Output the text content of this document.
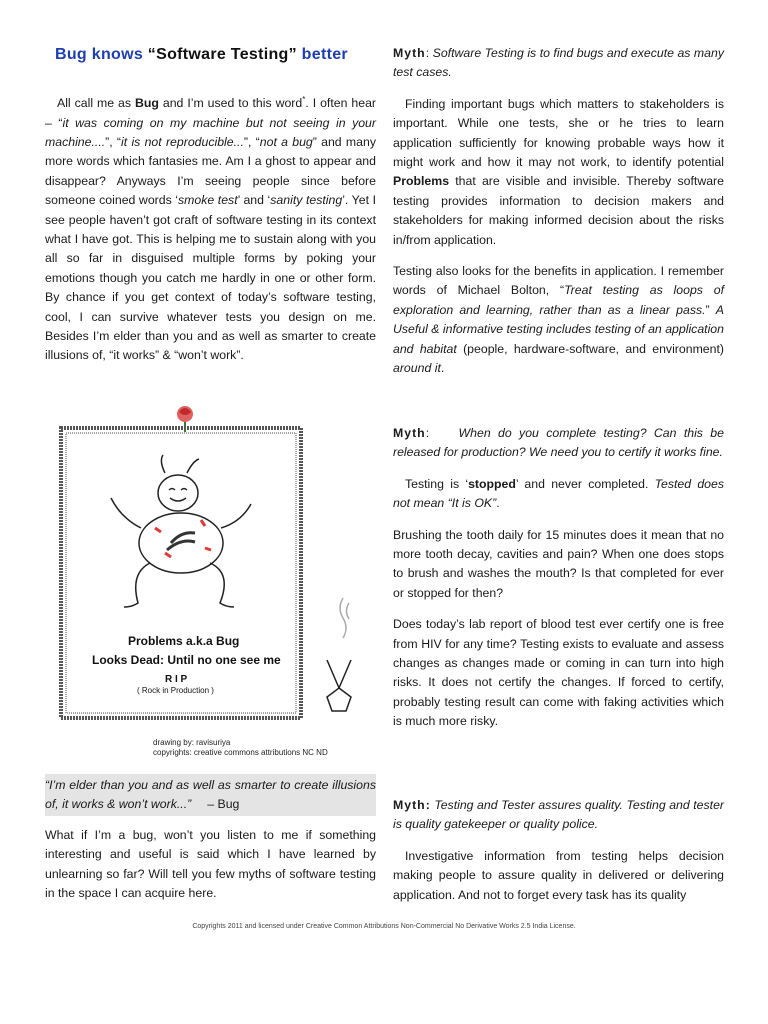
Bug knows “Software Testing” better

All call me as Bug and I’m used to this word*. I often hear – “it was coming on my machine but not seeing in your machine....”, “it is not reproducible...”, “not a bug” and many more words which fantasies me. Am I a ghost to appear and disappear? Anyways I’m seeing people since before someone coined words ‘smoke test’ and ‘sanity testing’. Yet I see people haven’t got craft of software testing in its context what I have got. This is helping me to sustain along with you all so far in disguised multiple forms by poking your emotions though you catch me hardly in one or other form. By chance if you get context of today’s software testing, cool, I can survive whatever tests you design on me. Besides I’m elder than you and as well as smarter to create illusions of, “it works” & “won’t work”.

Problems a.k.a Bug
Looks Dead: Until no one see me
R I P
( Rock in Production )
drawing by: ravisuriya
copyrights: creative commons attributions NC ND

“I’m elder than you and as well as smarter to create illusions of, it works & won’t work...” – Bug

What if I’m a bug, won’t you listen to me if something interesting and useful is said which I have learned by unlearning so far? Will tell you few myths of software testing in the space I can acquire here.

Myth: Software Testing is to find bugs and execute as many test cases.

Finding important bugs which matters to stakeholders is important. While one tests, she or he tries to learn application sufficiently for knowing probable ways how it might work and how it may not work, to identify potential Problems that are visible and invisible. Thereby software testing provides information to decision makers and stakeholders for making informed decision about the risks in/from application.

Testing also looks for the benefits in application. I remember words of Michael Bolton, “Treat testing as loops of exploration and learning, rather than as a linear pass.” A Useful & informative testing includes testing of an application and habitat (people, hardware-software, and environment) around it.

Myth: When do you complete testing? Can this be released for production? We need you to certify it works fine.

Testing is ‘stopped’ and never completed. Tested does not mean “It is OK”.

Brushing the tooth daily for 15 minutes does it mean that no more tooth decay, cavities and pain? When one does stops to brush and washes the mouth? Is that completed for ever or stopped for then?

Does today’s lab report of blood test ever certify one is free from HIV for any time? Testing exists to evaluate and assess changes as changes made or coming in can turn into high risks. It does not certify the changes. If forced to certify, probably testing result can come with faking activities which is much more risky.

Myth: Testing and Tester assures quality. Testing and tester is quality gatekeeper or quality police.

Investigative information from testing helps decision making people to assure quality in delivered or delivering application. And not to forget every task has its quality

Copyrights 2011 and licensed under Creative Common Attributions Non-Commercial No Derivative Works 2.5 India License.
